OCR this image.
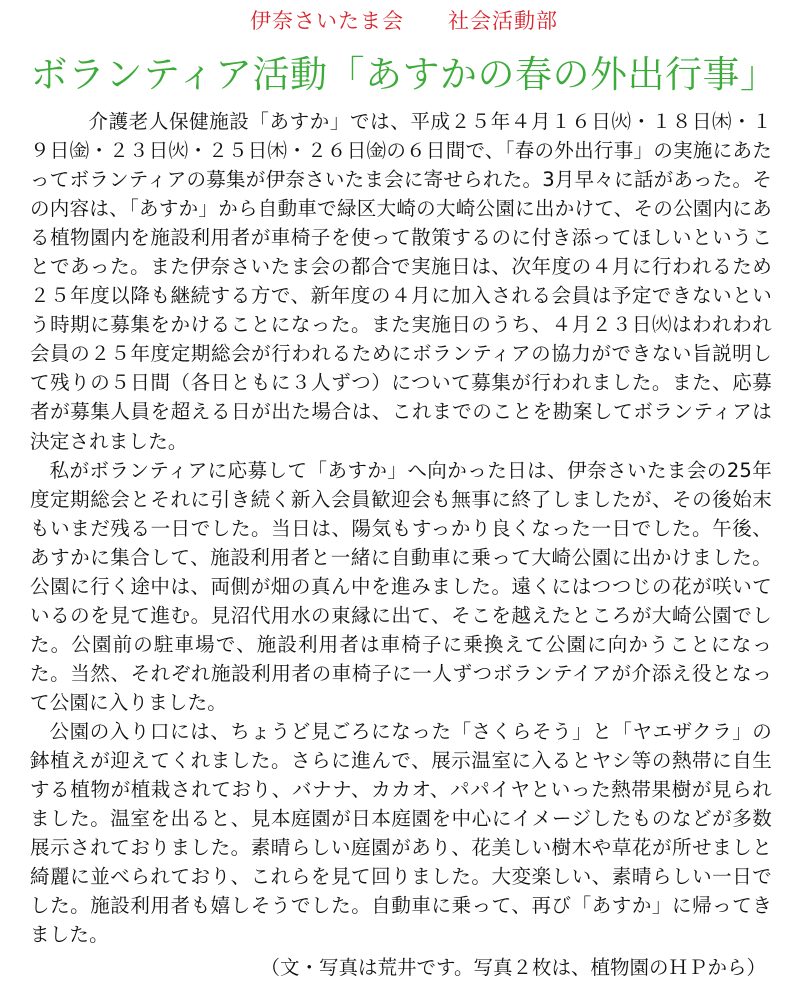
伊奈さいたま会　　社会活動部
ボランティア活動「あすかの春の外出行事」

介護老人保健施設「あすか」では、平成２５年４月１６日㈫・１８日㈭・１９日㈮・２３日㈫・２５日㈭・２６日㈮の６日間で、「春の外出行事」の実施にあたってボランティアの募集が伊奈さいたま会に寄せられた。3月早々に話があった。その内容は、「あすか」から自動車で緑区大崎の大崎公園に出かけて、その公園内にある植物園内を施設利用者が車椅子を使って散策するのに付き添ってほしいということであった。また伊奈さいたま会の都合で実施日は、次年度の４月に行われるため２５年度以降も継続する方で、新年度の４月に加入される会員は予定できないという時期に募集をかけることになった。また実施日のうち、４月２３日㈫はわれわれ会員の２５年度定期総会が行われるためにボランティアの協力ができない旨説明して残りの５日間（各日ともに３人ずつ）について募集が行われました。また、応募者が募集人員を超える日が出た場合は、これまでのことを勘案してボランティアは決定されました。

私がボランティアに応募して「あすか」へ向かった日は、伊奈さいたま会の25年度定期総会とそれに引き続く新入会員歓迎会も無事に終了しましたが、その後始末もいまだ残る一日でした。当日は、陽気もすっかり良くなった一日でした。午後、あすかに集合して、施設利用者と一緒に自動車に乗って大崎公園に出かけました。公園に行く途中は、両側が畑の真ん中を進みました。遠くにはつつじの花が咲いているのを見て進む。見沼代用水の東縁に出て、そこを越えたところが大崎公園でした。公園前の駐車場で、施設利用者は車椅子に乗換えて公園に向かうことになった。当然、それぞれ施設利用者の車椅子に一人ずつボランテイアが介添え役となって公園に入りました。

公園の入り口には、ちょうど見ごろになった「さくらそう」と「ヤエザクラ」の鉢植えが迎えてくれました。さらに進んで、展示温室に入るとヤシ等の熱帯に自生する植物が植栽されており、バナナ、カカオ、パパイヤといった熱帯果樹が見られました。温室を出ると、見本庭園が日本庭園を中心にイメージしたものなどが多数展示されておりました。素晴らしい庭園があり、花美しい樹木や草花が所せましと綺麗に並べられており、これらを見て回りました。大変楽しい、素晴らしい一日でした。施設利用者も嬉しそうでした。自動車に乗って、再び「あすか」に帰ってきました。

（文・写真は荒井です。写真２枚は、植物園のＨＰから）
